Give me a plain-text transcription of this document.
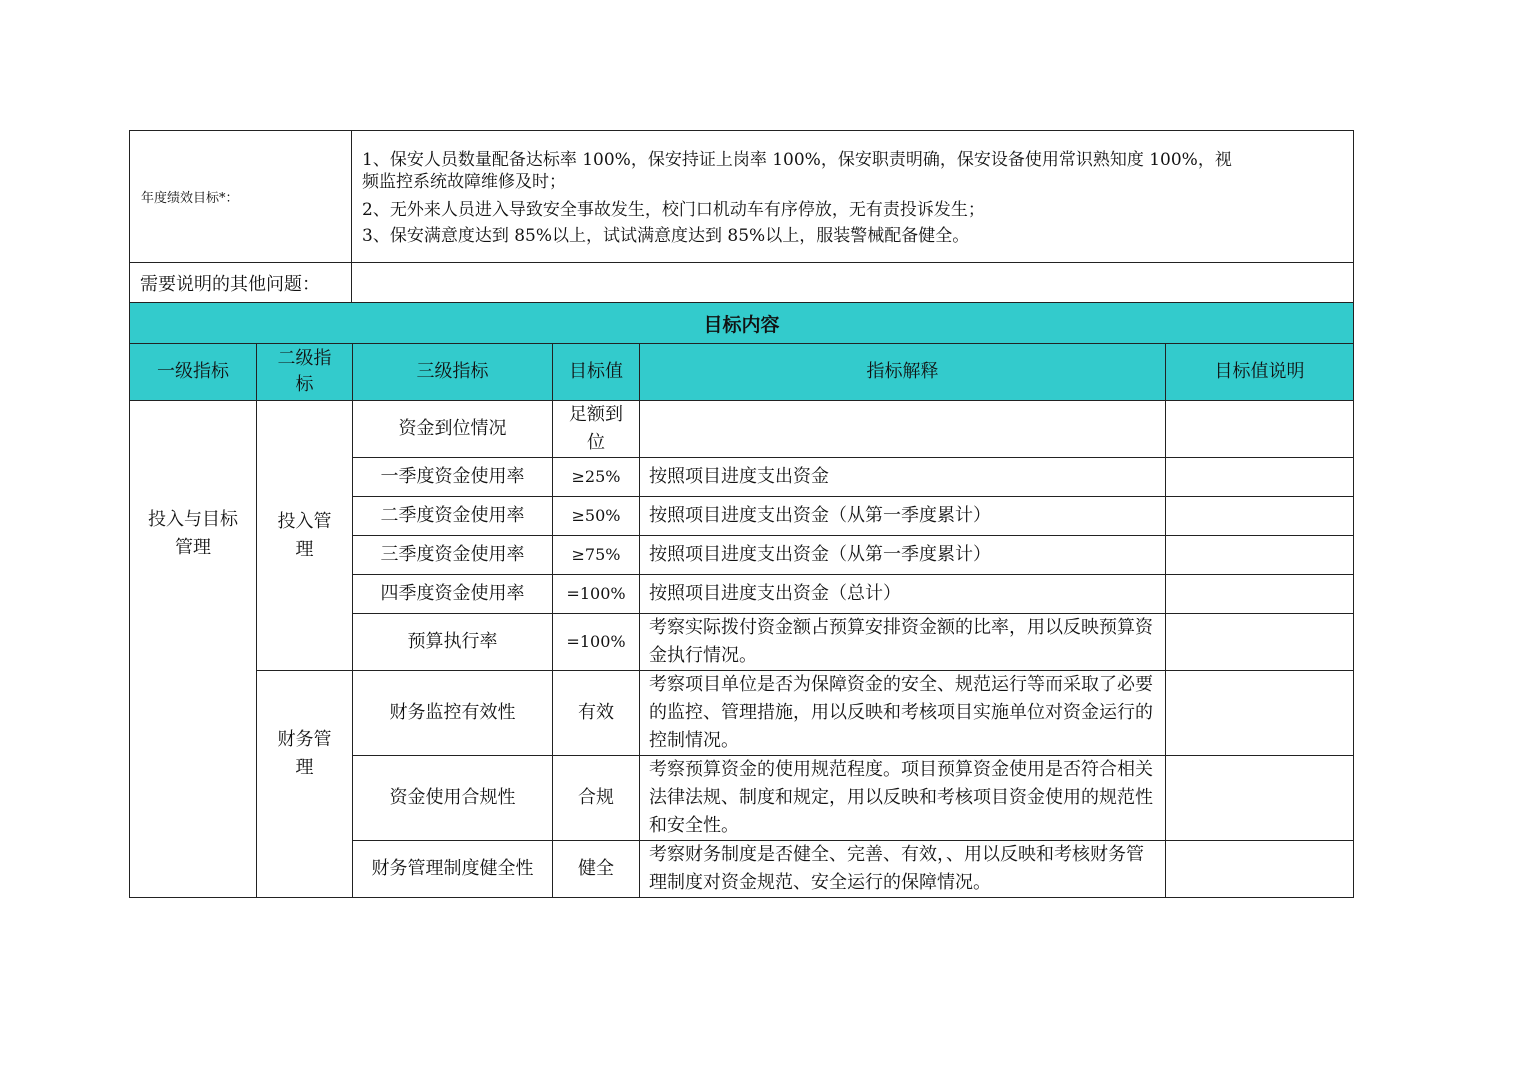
年度绩效目标*：	1、保安人员数量配备达标率 100%，保安持证上岗率 100%，保安职责明确，保安设备使用常识熟知度 100%，视频监控系统故障维修及时；

2、无外来人员进入导致安全事故发生，校门口机动车有序停放，无有责投诉发生；

3、保安满意度达到 85%以上，试试满意度达到 85%以上，服装警械配备健全。

需要说明的其他问题：	
目标内容					
一级指标	二级指标	三级指标	目标值	指标解释	目标值说明
投入与目标管理	投入管理	资金到位情况	足额到位		
		一季度资金使用率	≥25%	按照项目进度支出资金	
		二季度资金使用率	≥50%	按照项目进度支出资金（从第一季度累计）	
		三季度资金使用率	≥75%	按照项目进度支出资金（从第一季度累计）	
		四季度资金使用率	=100%	按照项目进度支出资金（总计）	
		预算执行率	=100%	考察实际拨付资金额占预算安排资金额的比率，用以反映预算资金执行情况。	
	财务管理	财务监控有效性	有效	考察项目单位是否为保障资金的安全、规范运行等而采取了必要的监控、管理措施，用以反映和考核项目实施单位对资金运行的控制情况。	
		资金使用合规性	合规	考察预算资金的使用规范程度。项目预算资金使用是否符合相关法律法规、制度和规定，用以反映和考核项目资金使用的规范性和安全性。	
		财务管理制度健全性	健全	考察财务制度是否健全、完善、有效，、用以反映和考核财务管理制度对资金规范、安全运行的保障情况。	
